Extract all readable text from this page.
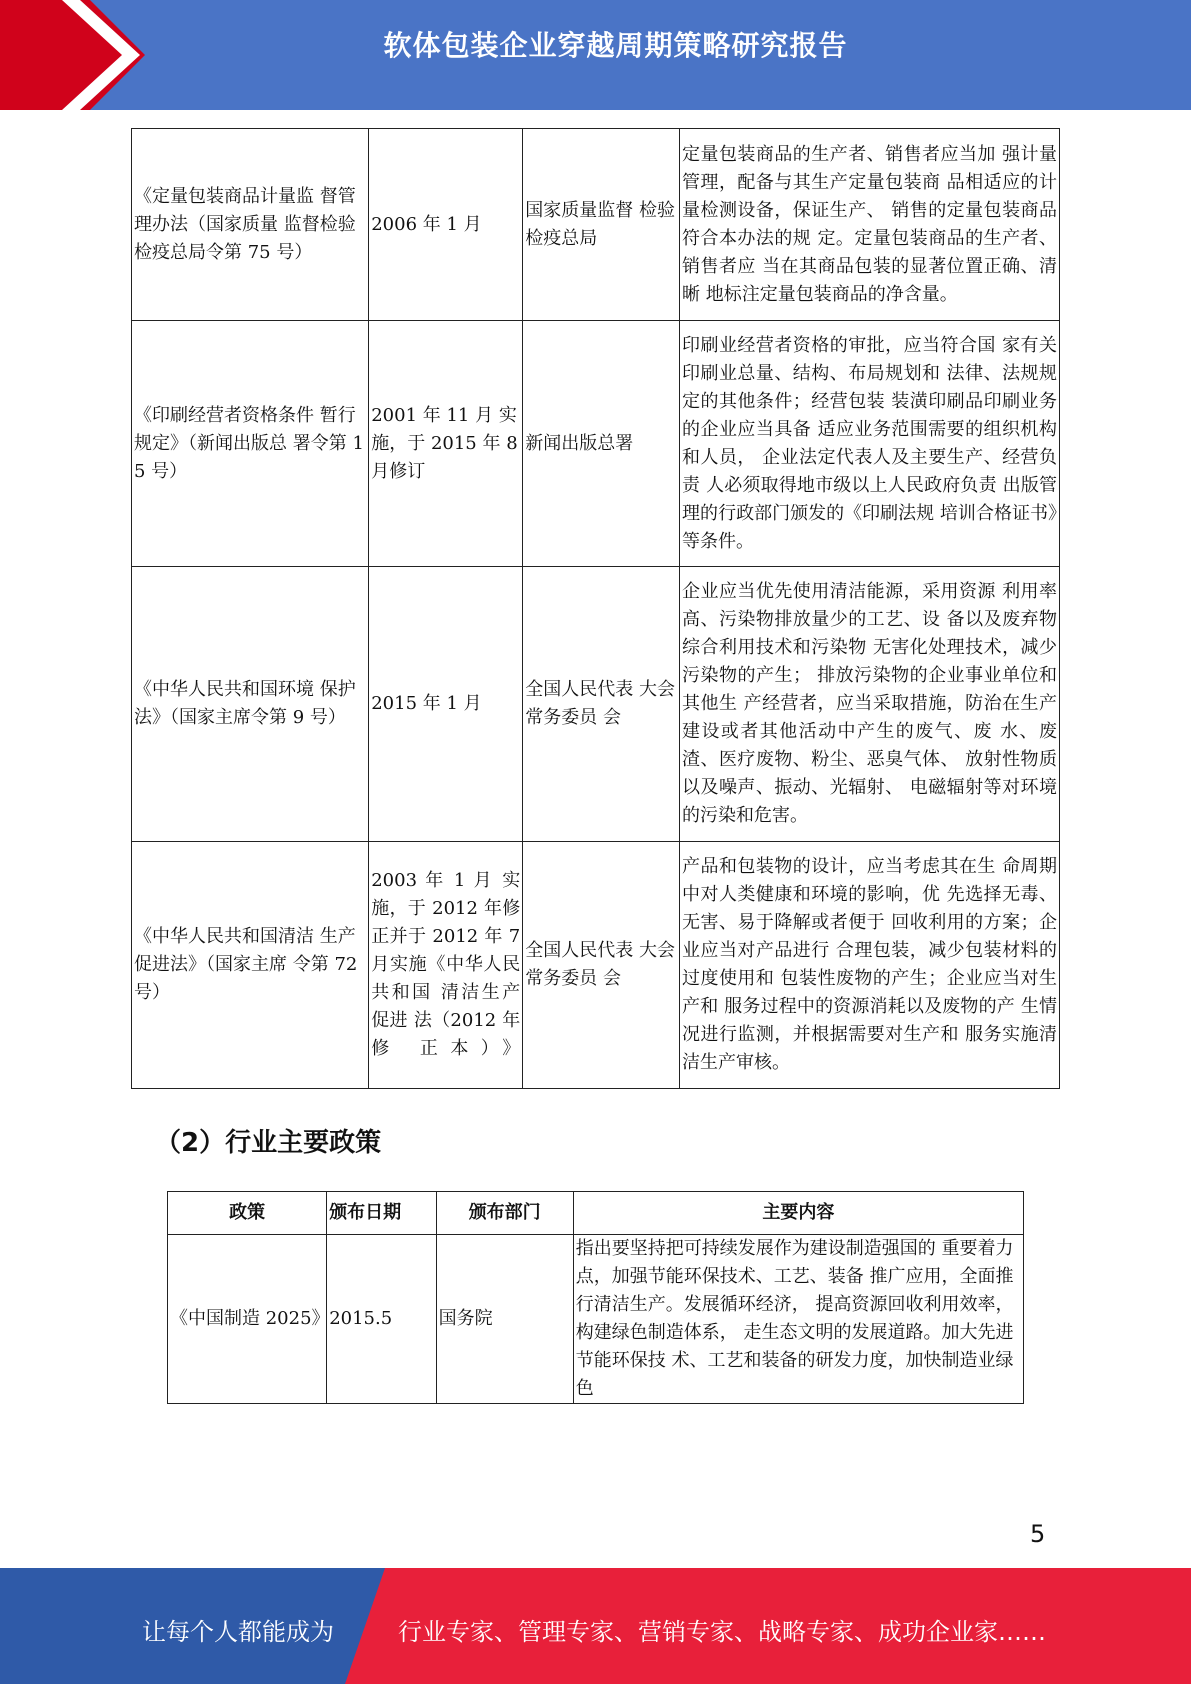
软体包装企业穿越周期策略研究报告
《定量包装商品计量监 督管理办法（国家质量 监督检验检疫总局令第 75 号）	2006 年 1 月	国家质量监督 检验检疫总局	定量包装商品的生产者、销售者应当加 强计量管理，配备与其生产定量包装商 品相适应的计量检测设备，保证生产、 销售的定量包装商品符合本办法的规 定。定量包装商品的生产者、销售者应 当在其商品包装的显著位置正确、清晰 地标注定量包装商品的净含量。
《印刷经营者资格条件 暂行规定》（新闻出版总 署令第 15 号）	2001 年 11 月 实施，于 2015 年 8 月修订	新闻出版总署	印刷业经营者资格的审批，应当符合国 家有关印刷业总量、结构、布局规划和 法律、法规规定的其他条件；经营包装 装潢印刷品印刷业务的企业应当具备 适应业务范围需要的组织机构和人员， 企业法定代表人及主要生产、经营负责 人必须取得地市级以上人民政府负责 出版管理的行政部门颁发的《印刷法规 培训合格证书》等条件。
《中华人民共和国环境 保护法》（国家主席令第 9 号）	2015 年 1 月	全国人民代表 大会常务委员 会	企业应当优先使用清洁能源，采用资源 利用率高、污染物排放量少的工艺、设 备以及废弃物综合利用技术和污染物 无害化处理技术，减少污染物的产生； 排放污染物的企业事业单位和其他生 产经营者，应当采取措施，防治在生产 建设或者其他活动中产生的废气、废 水、废渣、医疗废物、粉尘、恶臭气体、 放射性物质以及噪声、振动、光辐射、 电磁辐射等对环境的污染和危害。
《中华人民共和国清洁 生产促进法》（国家主席 令第 72 号）	2003 年 1 月 实施，于 2012 年修 正并于 2012 年 7 月实施《中华人民共和国 清洁生产促进 法（2012 年修 正本）》	全国人民代表 大会常务委员 会	产品和包装物的设计，应当考虑其在生 命周期中对人类健康和环境的影响，优 先选择无毒、无害、易于降解或者便于 回收利用的方案；企业应当对产品进行 合理包装，减少包装材料的过度使用和 包装性废物的产生；企业应当对生产和 服务过程中的资源消耗以及废物的产 生情况进行监测，并根据需要对生产和 服务实施清洁生产审核。
（2）行业主要政策
政策	颁布日期	颁布部门	主要内容
《中国制造 2025》	2015.5	国务院	指出要坚持把可持续发展作为建设制造强国的 重要着力点，加强节能环保技术、工艺、装备 推广应用，全面推行清洁生产。发展循环经济， 提高资源回收利用效率，构建绿色制造体系， 走生态文明的发展道路。加大先进节能环保技 术、工艺和装备的研发力度，加快制造业绿色
5
让每个人都能成为	行业专家、管理专家、营销专家、战略专家、成功企业家……
